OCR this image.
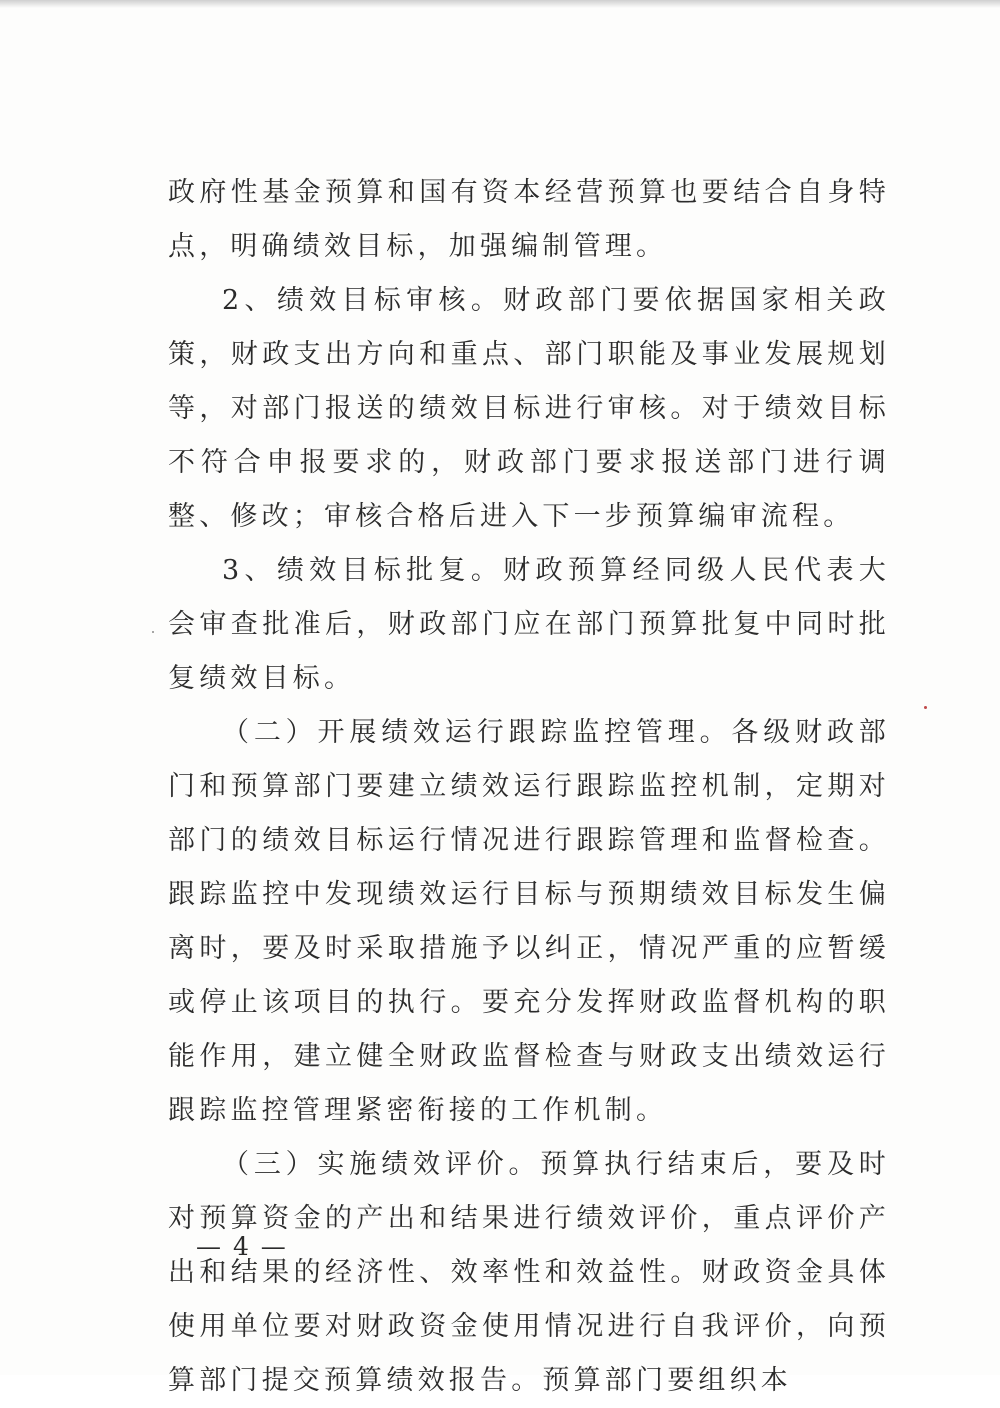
政府性基金预算和国有资本经营预算也要结合自身特点，明确绩效目标，加强编制管理。

2、绩效目标审核。财政部门要依据国家相关政策，财政支出方向和重点、部门职能及事业发展规划等，对部门报送的绩效目标进行审核。对于绩效目标不符合申报要求的，财政部门要求报送部门进行调整、修改；审核合格后进入下一步预算编审流程。

3、绩效目标批复。财政预算经同级人民代表大会审查批准后，财政部门应在部门预算批复中同时批复绩效目标。

（二）开展绩效运行跟踪监控管理。各级财政部门和预算部门要建立绩效运行跟踪监控机制，定期对部门的绩效目标运行情况进行跟踪管理和监督检查。跟踪监控中发现绩效运行目标与预期绩效目标发生偏离时，要及时采取措施予以纠正，情况严重的应暂缓或停止该项目的执行。要充分发挥财政监督机构的职能作用，建立健全财政监督检查与财政支出绩效运行跟踪监控管理紧密衔接的工作机制。

（三）实施绩效评价。预算执行结束后，要及时对预算资金的产出和结果进行绩效评价，重点评价产出和结果的经济性、效率性和效益性。财政资金具体使用单位要对财政资金使用情况进行自我评价，向预算部门提交预算绩效报告。预算部门要组织本

— 4 —
